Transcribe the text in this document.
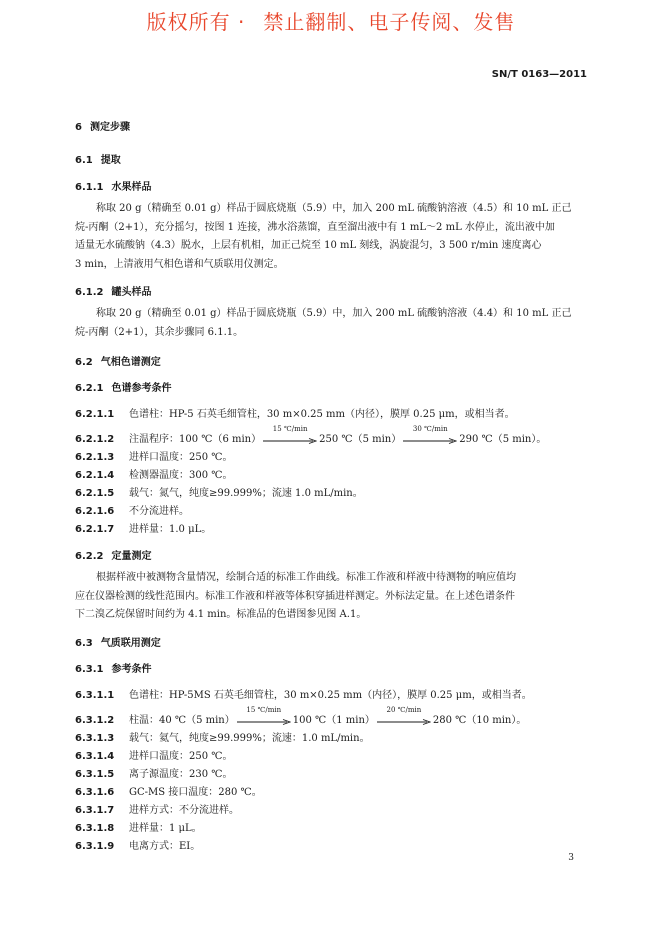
版权所有 · 禁止翻制、电子传阅、发售
SN/T 0163—2011
6 测定步骤
6.1 提取
6.1.1 水果样品
称取 20 g（精确至 0.01 g）样品于圆底烧瓶（5.9）中，加入 200 mL 硫酸钠溶液（4.5）和 10 mL 正己
烷-丙酮（2+1），充分摇匀，按图 1 连接，沸水浴蒸馏，直至溜出液中有 1 mL～2 mL 水停止，流出液中加
适量无水硫酸钠（4.3）脱水，上层有机相，加正己烷至 10 mL 刻线，涡旋混匀，3 500 r/min 速度离心
3 min，上清液用气相色谱和气质联用仪测定。
6.1.2 罐头样品
称取 20 g（精确至 0.01 g）样品于圆底烧瓶（5.9）中，加入 200 mL 硫酸钠溶液（4.4）和 10 mL 正己
烷-丙酮（2+1），其余步骤同 6.1.1。
6.2 气相色谱测定
6.2.1 色谱参考条件
6.2.1.1 色谱柱：HP-5 石英毛细管柱，30 m×0.25 mm（内径），膜厚 0.25 μm，或相当者。
6.2.1.2 注温程序：100 ℃（6 min）
15 ℃/min
250 ℃（5 min）
30 ℃/min
290 ℃（5 min）。
6.2.1.3 进样口温度：250 ℃。
6.2.1.4 检测器温度：300 ℃。
6.2.1.5 载气：氮气，纯度≥99.999%；流速 1.0 mL/min。
6.2.1.6 不分流进样。
6.2.1.7 进样量：1.0 μL。
6.2.2 定量测定
根据样液中被测物含量情况，绘制合适的标准工作曲线。标准工作液和样液中待测物的响应值均
应在仪器检测的线性范围内。标准工作液和样液等体积穿插进样测定。外标法定量。在上述色谱条件
下二溴乙烷保留时间约为 4.1 min。标准品的色谱图参见图 A.1。
6.3 气质联用测定
6.3.1 参考条件
6.3.1.1 色谱柱：HP-5MS 石英毛细管柱，30 m×0.25 mm（内径），膜厚 0.25 μm，或相当者。
6.3.1.2 柱温：40 ℃（5 min）
15 ℃/min
100 ℃（1 min）
20 ℃/min
280 ℃（10 min）。
6.3.1.3 载气：氦气，纯度≥99.999%；流速：1.0 mL/min。
6.3.1.4 进样口温度：250 ℃。
6.3.1.5 离子源温度：230 ℃。
6.3.1.6 GC-MS 接口温度：280 ℃。
6.3.1.7 进样方式：不分流进样。
6.3.1.8 进样量：1 μL。
6.3.1.9 电离方式：EI。
3
